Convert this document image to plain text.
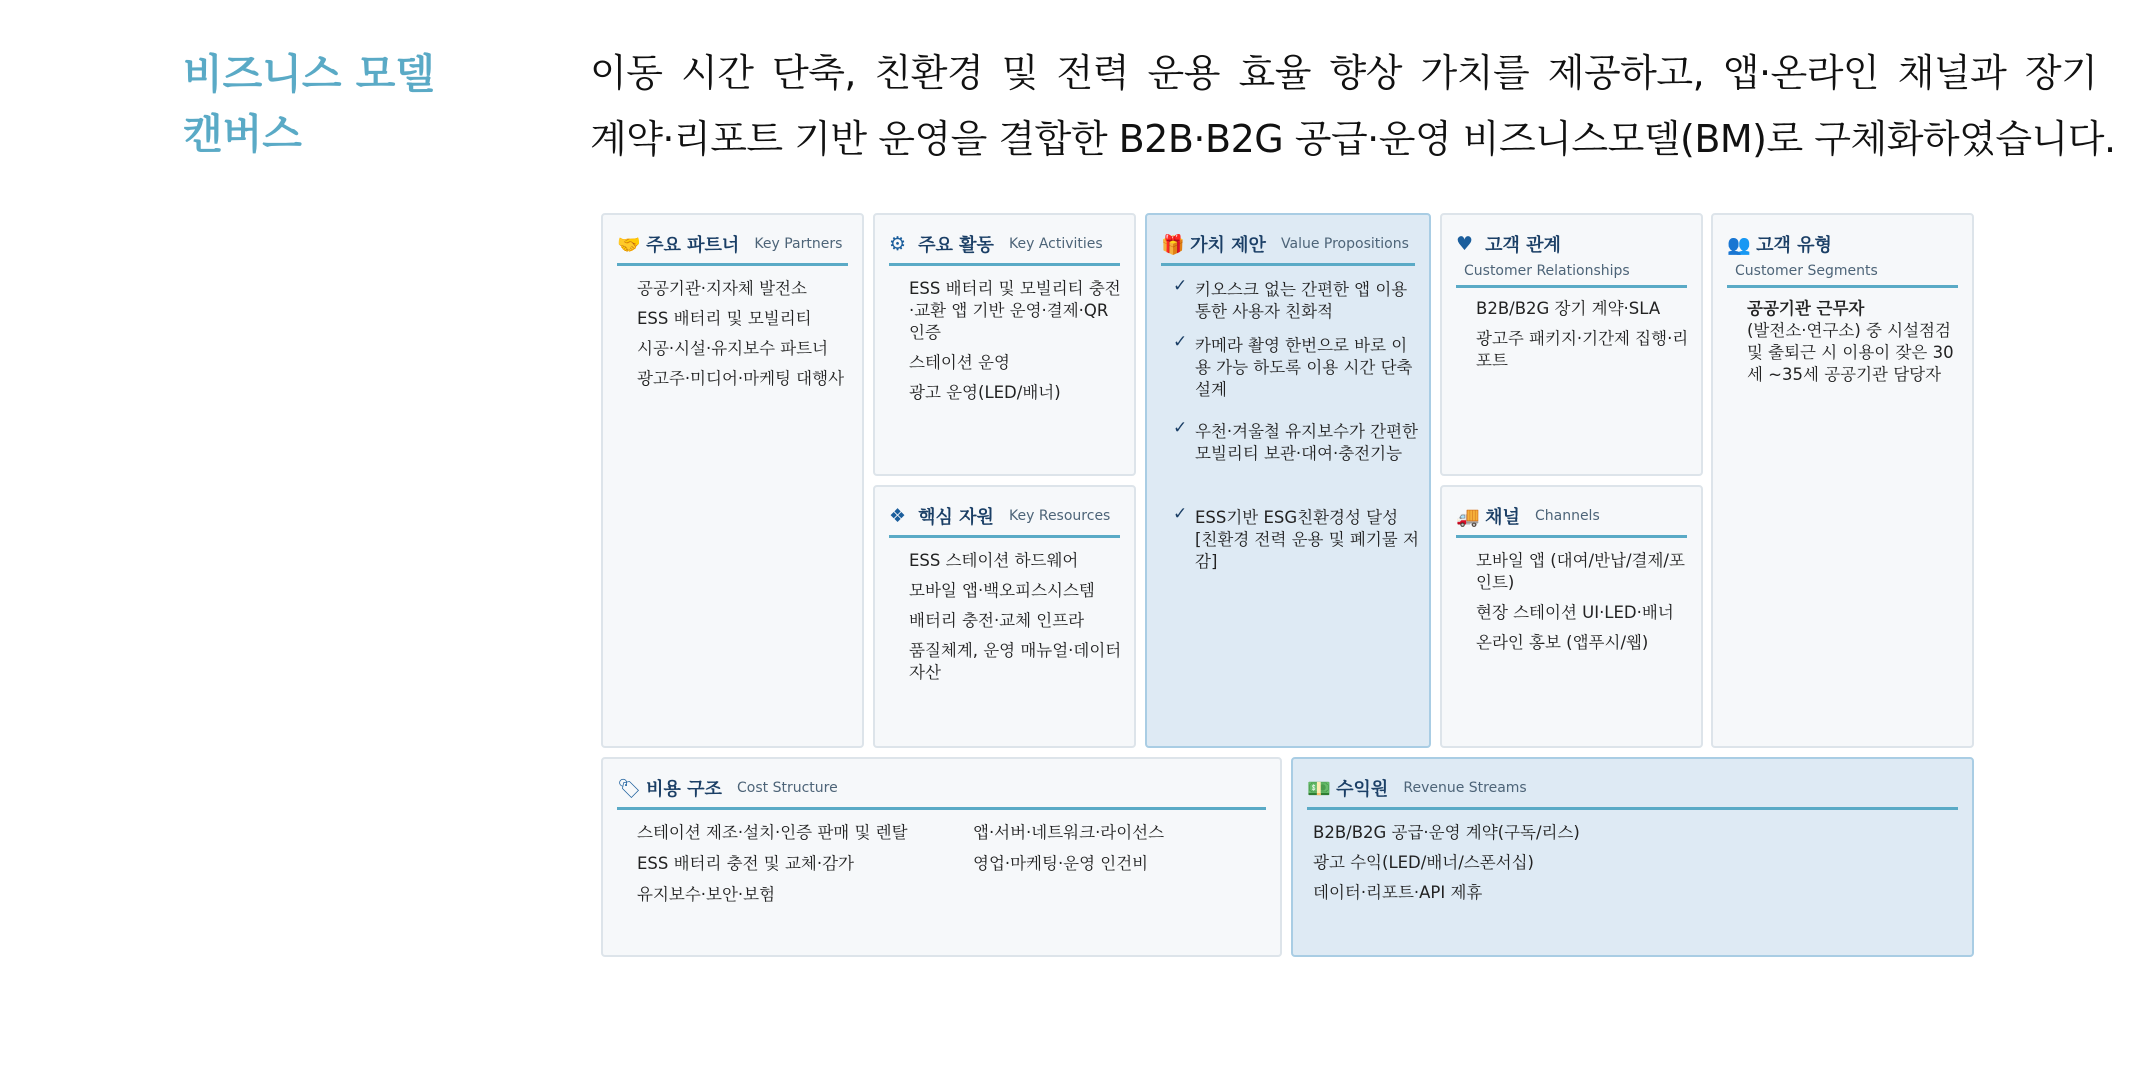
비즈니스 모델
캔버스
이동 시간 단축, 친환경 및 전력 운용 효율 향상 가치를 제공하고, 앱·온라인 채널과 장기
계약·리포트 기반 운영을 결합한 B2B·B2G 공급·운영 비즈니스모델(BM)로 구체화하였습니다.
🤝 주요 파트너 Key Partners
공공기관·지자체 발전소
ESS 배터리 및 모빌리티
시공·시설·유지보수 파트너
광고주·미디어·마케팅 대행사
⚙ 주요 활동 Key Activities
ESS 배터리 및 모빌리티 충전·교환 앱 기반 운영·결제·QR인증
스테이션 운영
광고 운영(LED/배너)
❖ 핵심 자원 Key Resources
ESS 스테이션 하드웨어
모바일 앱·백오피스시스템
배터리 충전·교체 인프라
품질체계, 운영 매뉴얼·데이터 자산
🎁 가치 제안 Value Propositions
✓ 키오스크 없는 간편한 앱 이용 통한 사용자 친화적
✓ 카메라 촬영 한번으로 바로 이용 가능 하도록 이용 시간 단축 설계
✓ 우천·겨울철 유지보수가 간편한 모빌리티 보관·대여·충전기능
✓ ESS기반 ESG친환경성 달성 [친환경 전력 운용 및 폐기물 저감]
♥ 고객 관계
Customer Relationships
B2B/B2G 장기 계약·SLA
광고주 패키지·기간제 집행·리포트
🚚 채널 Channels
모바일 앱 (대여/반납/결제/포인트)
현장 스테이션 UI·LED·배너
온라인 홍보 (앱푸시/웹)
👥 고객 유형
Customer Segments
공공기관 근무자
(발전소·연구소) 중 시설점검 및 출퇴근 시 이용이 잦은 30세 ~35세 공공기관 담당자
🏷 비용 구조 Cost Structure
스테이션 제조·설치·인증 판매 및 렌탈
ESS 배터리 충전 및 교체·감가
유지보수·보안·보험
앱·서버·네트워크·라이선스
영업·마케팅·운영 인건비
💵 수익원 Revenue Streams
B2B/B2G 공급·운영 계약(구독/리스)
광고 수익(LED/배너/스폰서십)
데이터·리포트·API 제휴
